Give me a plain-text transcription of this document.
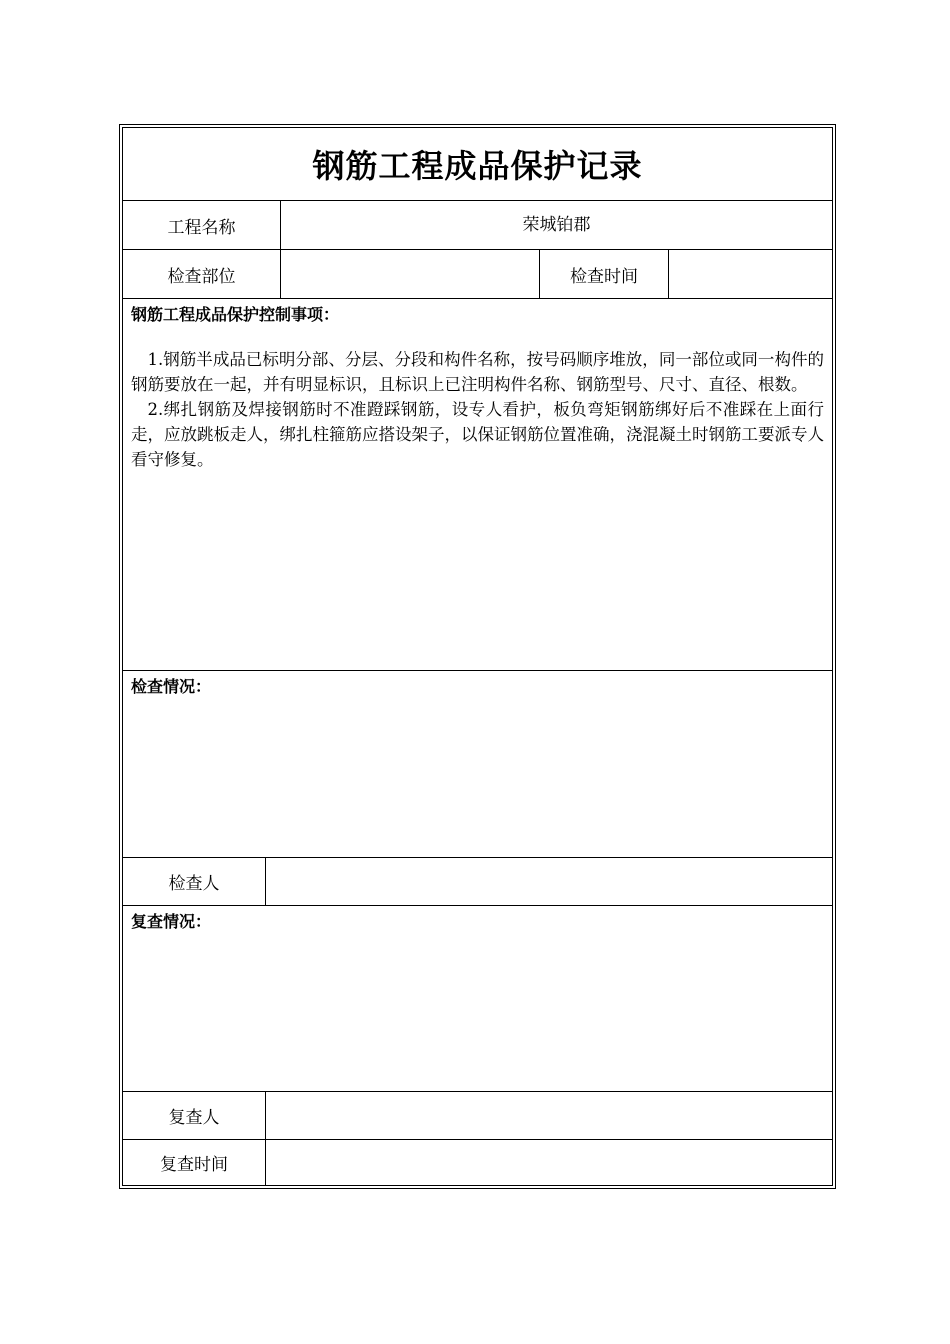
钢筋工程成品保护记录
工程名称	荣城铂郡
检查部位	检查时间
钢筋工程成品保护控制事项：

1.钢筋半成品已标明分部、分层、分段和构件名称，按号码顺序堆放，同一部位或同一构件的钢筋要放在一起，并有明显标识，且标识上已注明构件名称、钢筋型号、尺寸、直径、根数。

2.绑扎钢筋及焊接钢筋时不准蹬踩钢筋，设专人看护，板负弯矩钢筋绑好后不准踩在上面行走，应放跳板走人，绑扎柱箍筋应搭设架子，以保证钢筋位置准确，浇混凝土时钢筋工要派专人看守修复。

检查情况：
检查人
复查情况：
复查人
复查时间
